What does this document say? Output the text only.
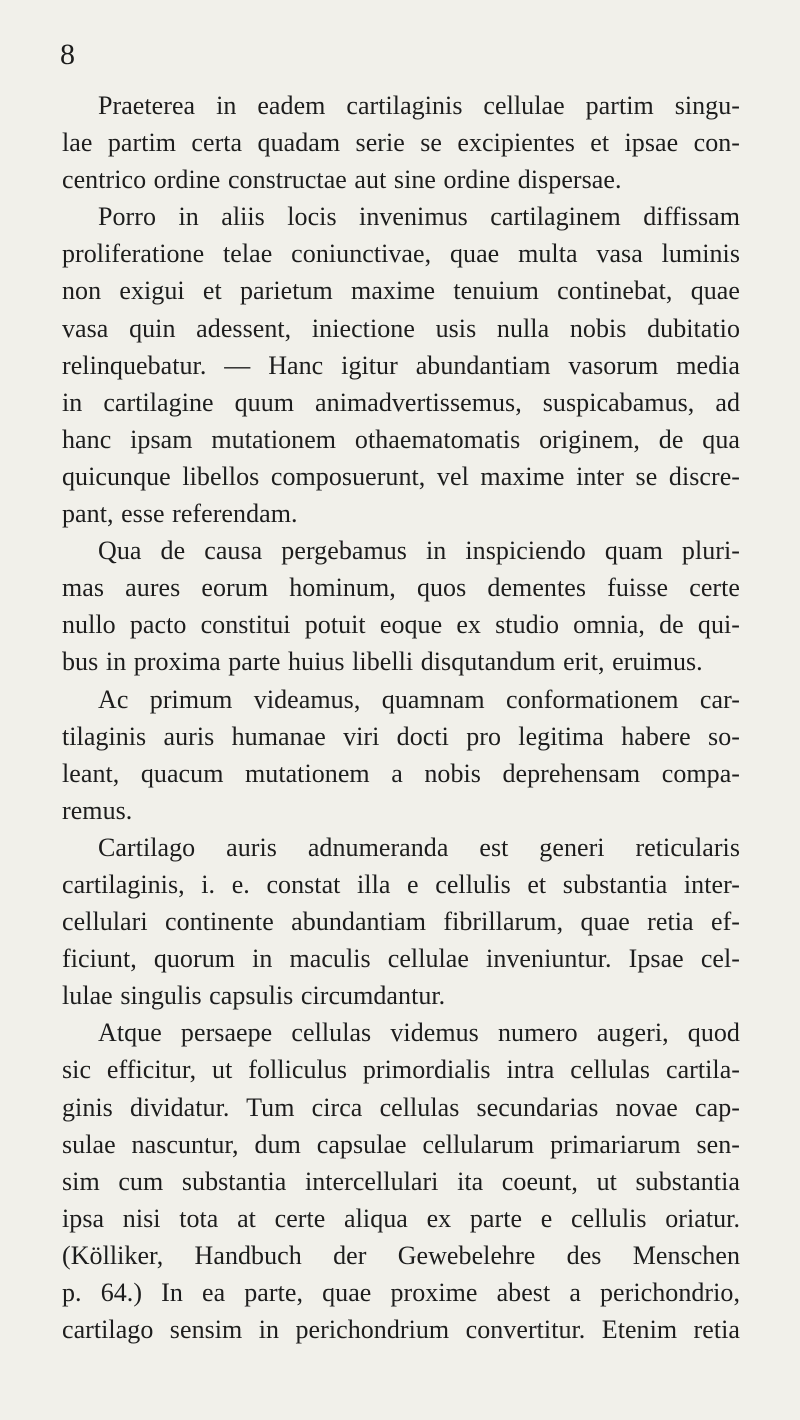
8
Praeterea in eadem cartilaginis cellulae partim singu-
lae partim certa quadam serie se excipientes et ipsae con-
centrico ordine constructae aut sine ordine dispersae.
Porro in aliis locis invenimus cartilaginem diffissam
proliferatione telae coniunctivae, quae multa vasa luminis
non exigui et parietum maxime tenuium continebat, quae
vasa quin adessent, iniectione usis nulla nobis dubitatio
relinquebatur. — Hanc igitur abundantiam vasorum media
in cartilagine quum animadvertissemus, suspicabamus, ad
hanc ipsam mutationem othaematomatis originem, de qua
quicunque libellos composuerunt, vel maxime inter se discre-
pant, esse referendam.
Qua de causa pergebamus in inspiciendo quam pluri-
mas aures eorum hominum, quos dementes fuisse certe
nullo pacto constitui potuit eoque ex studio omnia, de qui-
bus in proxima parte huius libelli disqutandum erit, eruimus.
Ac primum videamus, quamnam conformationem car-
tilaginis auris humanae viri docti pro legitima habere so-
leant, quacum mutationem a nobis deprehensam compa-
remus.
Cartilago auris adnumeranda est generi reticularis
cartilaginis, i. e. constat illa e cellulis et substantia inter-
cellulari continente abundantiam fibrillarum, quae retia ef-
ficiunt, quorum in maculis cellulae inveniuntur. Ipsae cel-
lulae singulis capsulis circumdantur.
Atque persaepe cellulas videmus numero augeri, quod
sic efficitur, ut folliculus primordialis intra cellulas cartila-
ginis dividatur. Tum circa cellulas secundarias novae cap-
sulae nascuntur, dum capsulae cellularum primariarum sen-
sim cum substantia intercellulari ita coeunt, ut substantia
ipsa nisi tota at certe aliqua ex parte e cellulis oriatur.
(Kölliker, Handbuch der Gewebelehre des Menschen
p. 64.) In ea parte, quae proxime abest a perichondrio,
cartilago sensim in perichondrium convertitur. Etenim retia
